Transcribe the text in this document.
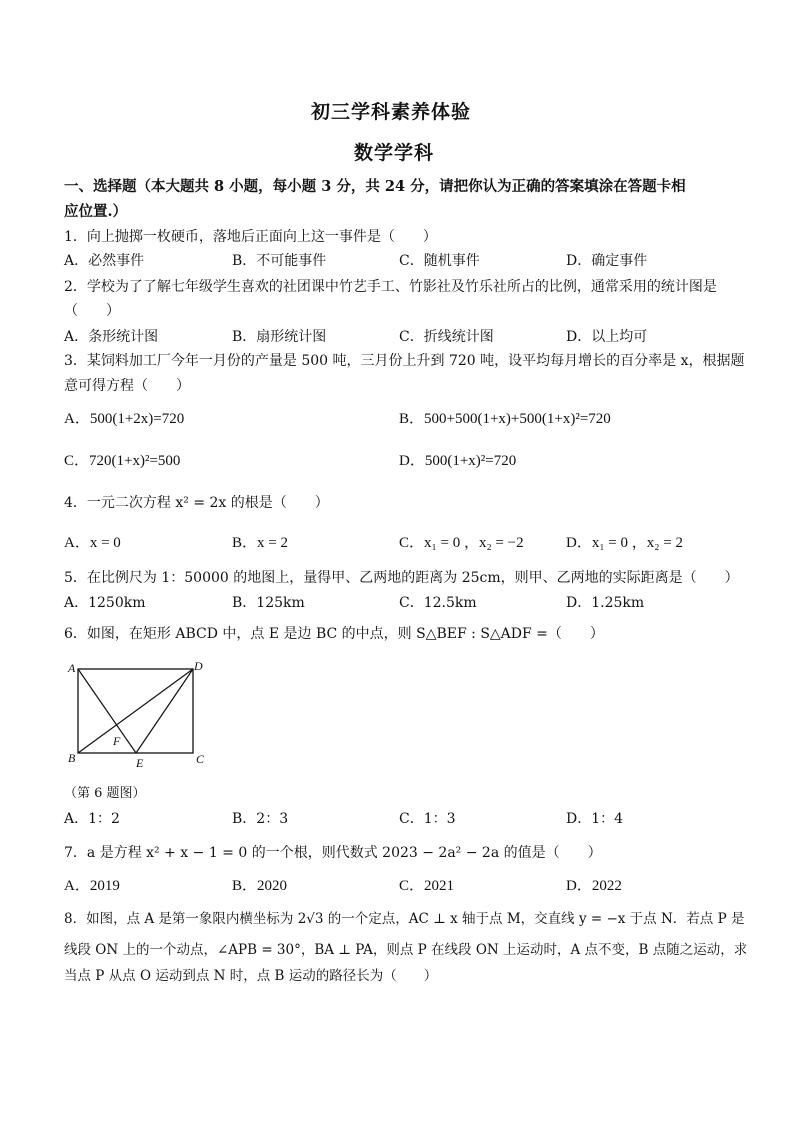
初三学科素养体验
数学学科
一、选择题（本大题共 8 小题，每小题 3 分，共 24 分，请把你认为正确的答案填涂在答题卡相
应位置.）
1．向上抛掷一枚硬币，落地后正面向上这一事件是（　　）
A．必然事件	B．不可能事件	C．随机事件	D．确定事件
2．学校为了了解七年级学生喜欢的社团课中竹艺手工、竹影社及竹乐社所占的比例，通常采用的统计图是
（　　）
A．条形统计图	B．扇形统计图	C．折线统计图	D．以上均可
3．某饲料加工厂今年一月份的产量是 500 吨，三月份上升到 720 吨，设平均每月增长的百分率是 x，根据题
意可得方程（　　）
A．500(1+2x)=720	B．500+500(1+x)+500(1+x)²=720
C．720(1+x)²=500	D．500(1+x)²=720
4．一元二次方程 x² = 2x 的根是（　　）
A．x = 0	B．x = 2	C．x₁ = 0 ，x₂ = −2	D．x₁ = 0 ，x₂ = 2
5．在比例尺为 1：50000 的地图上，量得甲、乙两地的距离为 25cm，则甲、乙两地的实际距离是（　　）
A．1250km	B．125km	C．12.5km	D．1.25km
6．如图，在矩形 ABCD 中，点 E 是边 BC 的中点，则 S△BEF : S△ADF =（　　）
A	D
B	C
E
F
（第 6 题图）
A．1：2	B．2：3	C．1：3	D．1：4
7．a 是方程 x² + x − 1 = 0 的一个根，则代数式 2023 − 2a² − 2a 的值是（　　）
A．2019	B．2020	C．2021	D．2022
8．如图，点 A 是第一象限内横坐标为 2√3 的一个定点，AC ⊥ x 轴于点 M，交直线 y = −x 于点 N．若点 P 是
线段 ON 上的一个动点，∠APB = 30°，BA ⊥ PA，则点 P 在线段 ON 上运动时，A 点不变，B 点随之运动，求
当点 P 从点 O 运动到点 N 时，点 B 运动的路径长为（　　）
